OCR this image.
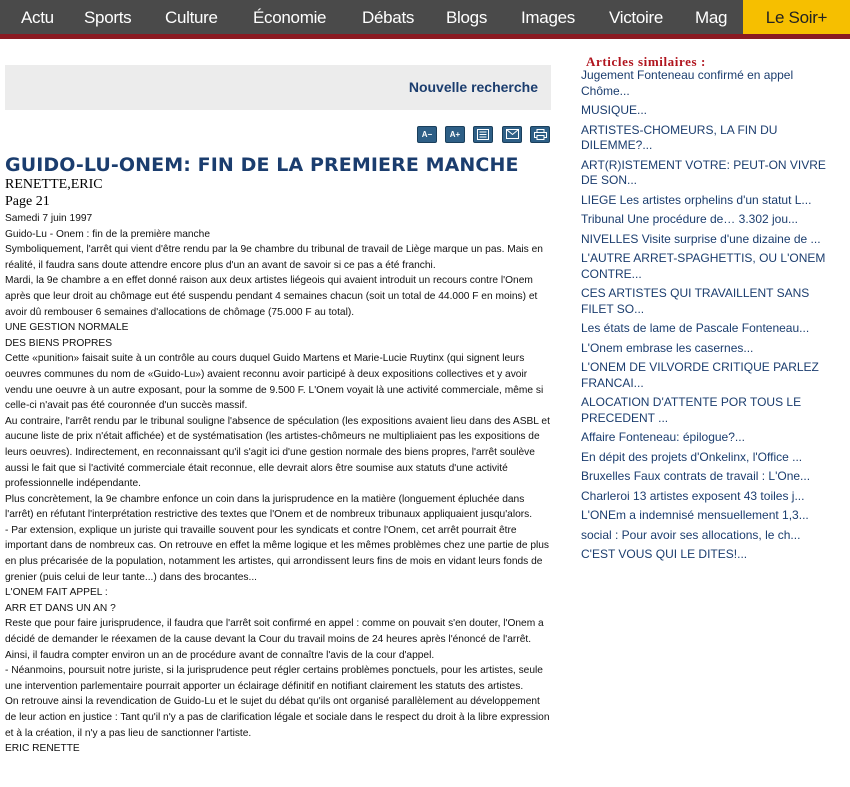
Actu Sports Culture Économie Débats Blogs Images Victoire Mag	Le Soir+
Nouvelle recherche
A−	A+
GUIDO-LU-ONEM: FIN DE LA PREMIERE MANCHE
RENETTE,ERIC
Page 21

Samedi 7 juin 1997

Guido-Lu - Onem : fin de la première manche

Symboliquement, l'arrêt qui vient d'être rendu par la 9e chambre du tribunal de travail de Liège marque un pas. Mais en réalité, il faudra sans doute attendre encore plus d'un an avant de savoir si ce pas a été franchi.

Mardi, la 9e chambre a en effet donné raison aux deux artistes liégeois qui avaient introduit un recours contre l'Onem après que leur droit au chômage eut été suspendu pendant 4 semaines chacun (soit un total de 44.000 F en moins) et avoir dû rembouser 6 semaines d'allocations de chômage (75.000 F au total).

UNE GESTION NORMALE

DES BIENS PROPRES

Cette «punition» faisait suite à un contrôle au cours duquel Guido Martens et Marie-Lucie Ruytinx (qui signent leurs oeuvres communes du nom de «Guido-Lu») avaient reconnu avoir participé à deux expositions collectives et y avoir vendu une oeuvre à un autre exposant, pour la somme de 9.500 F. L'Onem voyait là une activité commerciale, même si celle-ci n'avait pas été couronnée d'un succès massif.

Au contraire, l'arrêt rendu par le tribunal souligne l'absence de spéculation (les expositions avaient lieu dans des ASBL et aucune liste de prix n'était affichée) et de systématisation (les artistes-chômeurs ne multipliaient pas les expositions de leurs oeuvres). Indirectement, en reconnaissant qu'il s'agit ici d'une gestion normale des biens propres, l'arrêt soulève aussi le fait que si l'activité commerciale était reconnue, elle devrait alors être soumise aux statuts d'une activité professionnelle indépendante.

Plus concrètement, la 9e chambre enfonce un coin dans la jurisprudence en la matière (longuement épluchée dans l'arrêt) en réfutant l'interprétation restrictive des textes que l'Onem et de nombreux tribunaux appliquaient jusqu'alors.

- Par extension, explique un juriste qui travaille souvent pour les syndicats et contre l'Onem, cet arrêt pourrait être important dans de nombreux cas. On retrouve en effet la même logique et les mêmes problèmes chez une partie de plus en plus précarisée de la population, notamment les artistes, qui arrondissent leurs fins de mois en vidant leurs fonds de grenier (puis celui de leur tante...) dans des brocantes...

L'ONEM FAIT APPEL :

ARR ET DANS UN AN ?

Reste que pour faire jurisprudence, il faudra que l'arrêt soit confirmé en appel : comme on pouvait s'en douter, l'Onem a décidé de demander le réexamen de la cause devant la Cour du travail moins de 24 heures après l'énoncé de l'arrêt. Ainsi, il faudra compter environ un an de procédure avant de connaître l'avis de la cour d'appel.

- Néanmoins, poursuit notre juriste, si la jurisprudence peut régler certains problèmes ponctuels, pour les artistes, seule une intervention parlementaire pourrait apporter un éclairage définitif en notifiant clairement les statuts des artistes.

On retrouve ainsi la revendication de Guido-Lu et le sujet du débat qu'ils ont organisé parallèlement au développement de leur action en justice : Tant qu'il n'y a pas de clarification légale et sociale dans le respect du droit à la libre expression et à la création, il n'y a pas lieu de sanctionner l'artiste.

ERIC RENETTE

Articles similaires :
Jugement Fonteneau confirmé en appel Chôme...
MUSIQUE...
ARTISTES-CHOMEURS, LA FIN DU DILEMME?...
ART(R)ISTEMENT VOTRE: PEUT-ON VIVRE DE SON...
LIEGE Les artistes orphelins d'un statut L...
Tribunal Une procédure de… 3.302 jou...
NIVELLES Visite surprise d'une dizaine de ...
L'AUTRE ARRET-SPAGHETTIS, OU L'ONEM CONTRE...
CES ARTISTES QUI TRAVAILLENT SANS FILET SO...
Les états de lame de Pascale Fonteneau...
L'Onem embrase les casernes...
L'ONEM DE VILVORDE CRITIQUE PARLEZ FRANCAI...
ALOCATION D'ATTENTE POR TOUS LE PRECEDENT ...
Affaire Fonteneau: épilogue?...
En dépit des projets d'Onkelinx, l'Office ...
Bruxelles Faux contrats de travail : L'One...
Charleroi 13 artistes exposent 43 toiles j...
L'ONEm a indemnisé mensuellement 1,3...
social : Pour avoir ses allocations, le ch...
C'EST VOUS QUI LE DITES!...
